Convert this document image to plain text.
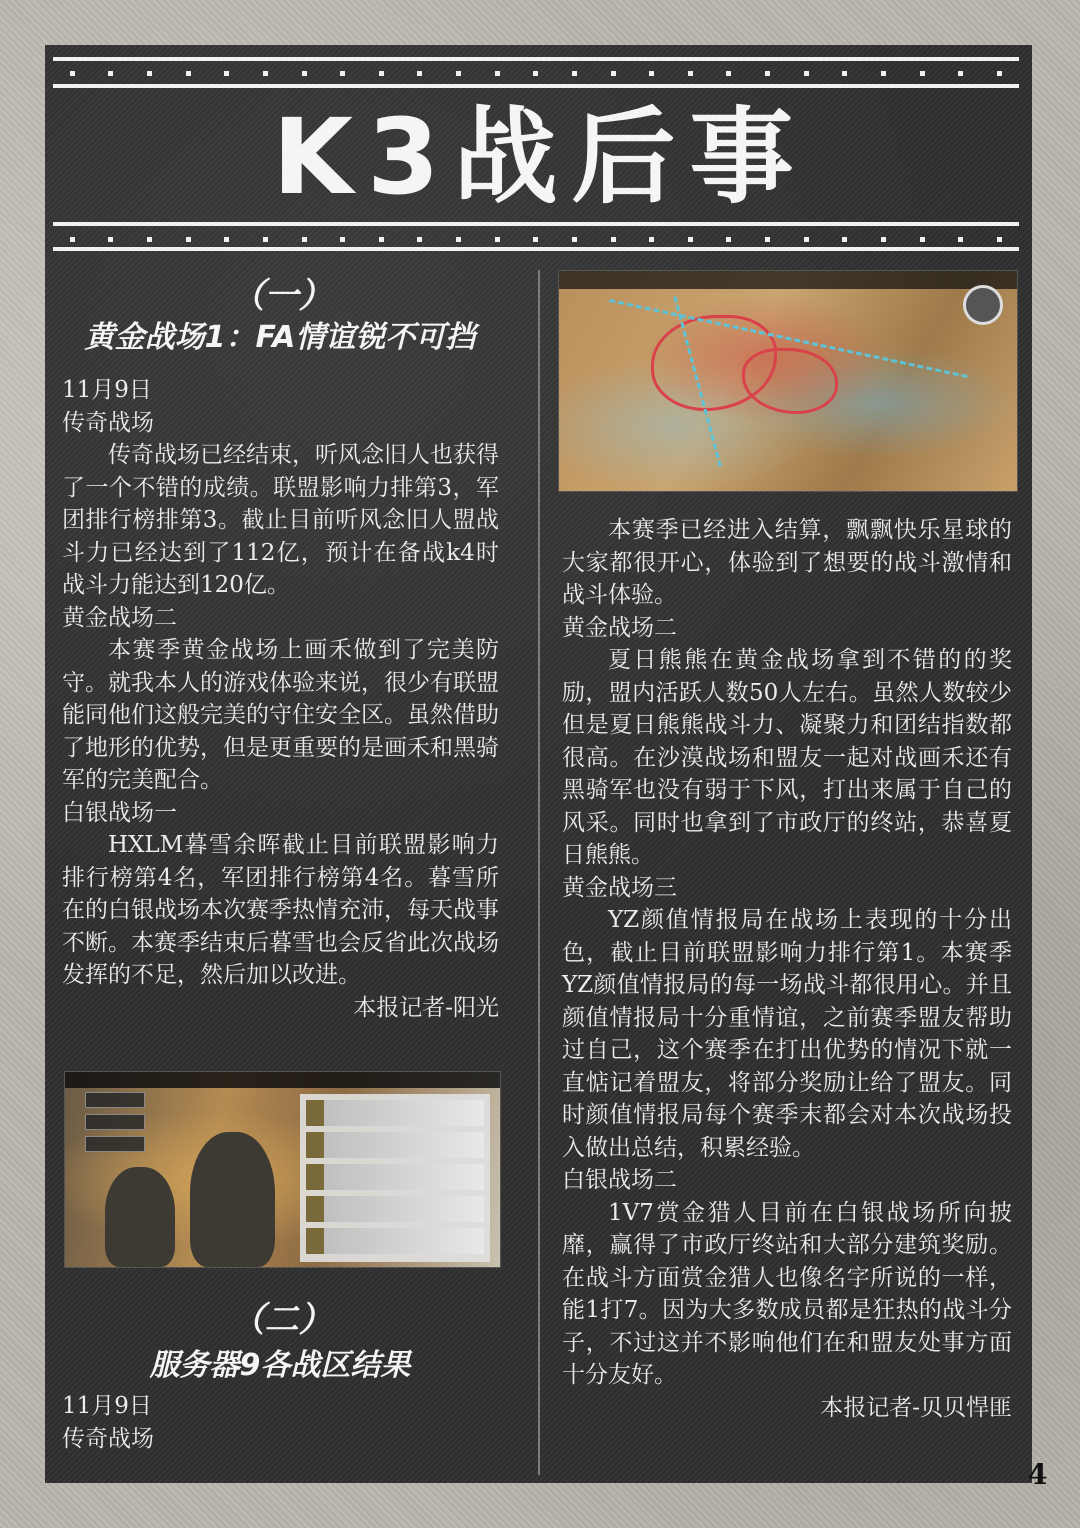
K3战后事
（一）
黄金战场1：FA情谊锐不可挡

11月9日

传奇战场

传奇战场已经结束，听风念旧人也获得了一个不错的成绩。联盟影响力排第3，军团排行榜排第3。截止目前听风念旧人盟战斗力已经达到了112亿，预计在备战k4时战斗力能达到120亿。

黄金战场二

本赛季黄金战场上画禾做到了完美防守。就我本人的游戏体验来说，很少有联盟能同他们这般完美的守住安全区。虽然借助了地形的优势，但是更重要的是画禾和黑骑军的完美配合。

白银战场一

HXLM暮雪余晖截止目前联盟影响力排行榜第4名，军团排行榜第4名。暮雪所在的白银战场本次赛季热情充沛，每天战事不断。本赛季结束后暮雪也会反省此次战场发挥的不足，然后加以改进。

本报记者-阳光

（二）
服务器9各战区结果

11月9日

传奇战场

本赛季已经进入结算，飘飘快乐星球的大家都很开心，体验到了想要的战斗激情和战斗体验。

黄金战场二

夏日熊熊在黄金战场拿到不错的的奖励，盟内活跃人数50人左右。虽然人数较少但是夏日熊熊战斗力、凝聚力和团结指数都很高。在沙漠战场和盟友一起对战画禾还有黑骑军也没有弱于下风，打出来属于自己的风采。同时也拿到了市政厅的终站，恭喜夏日熊熊。

黄金战场三

YZ颜值情报局在战场上表现的十分出色，截止目前联盟影响力排行第1。本赛季YZ颜值情报局的每一场战斗都很用心。并且颜值情报局十分重情谊，之前赛季盟友帮助过自己，这个赛季在打出优势的情况下就一直惦记着盟友，将部分奖励让给了盟友。同时颜值情报局每个赛季末都会对本次战场投入做出总结，积累经验。

白银战场二

1V7赏金猎人目前在白银战场所向披靡，赢得了市政厅终站和大部分建筑奖励。在战斗方面赏金猎人也像名字所说的一样，能1打7。因为大多数成员都是狂热的战斗分子，不过这并不影响他们在和盟友处事方面十分友好。

本报记者-贝贝悍匪

4
